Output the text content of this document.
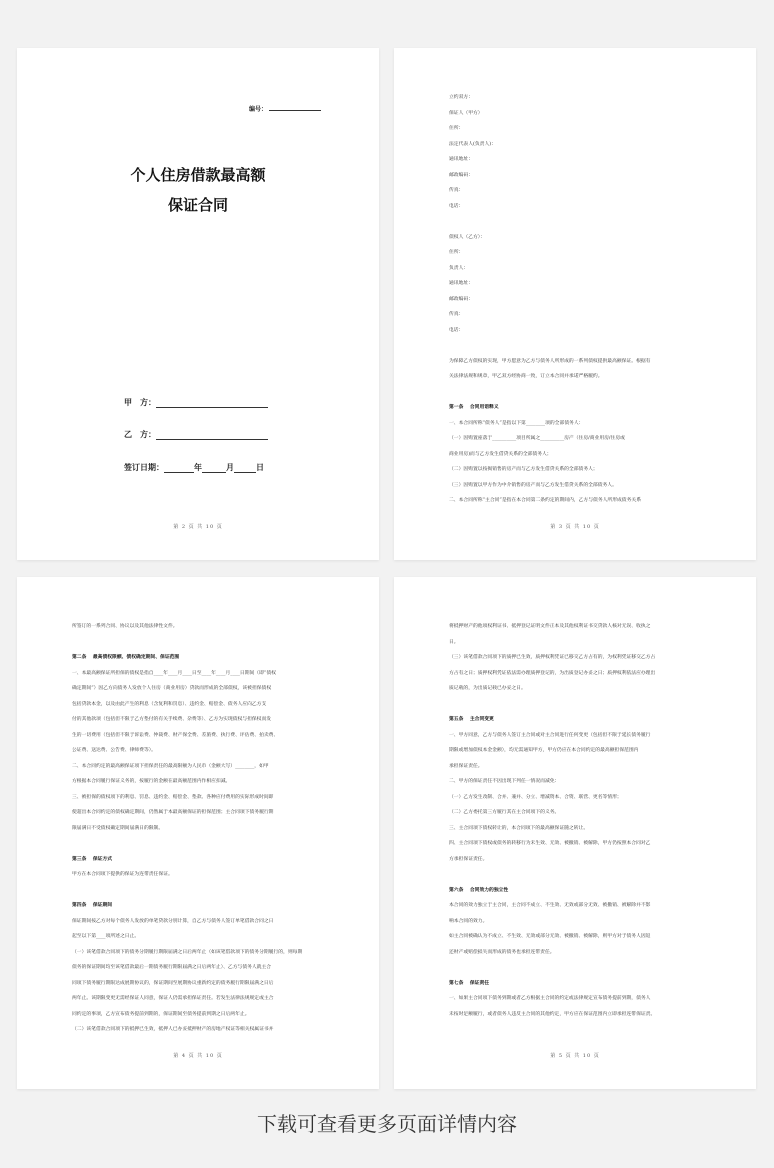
编号：
个人住房借款最高额
保证合同
甲　方：
乙　方：
签订日期：	年	月	日
第 2 页 共 10 页

立约双方：

保证人（甲方）

住所：

法定代表人(负责人)：

通讯地址：

邮政编码：

传真：

电话：

债权人（乙方）：

住所：

负责人：

通讯地址：

邮政编码：

传真：

电话：

为保障乙方债权的实现，甲方愿意为乙方与债务人所形成的一系列债权提供最高额保证。根据有

关法律法规和规章，甲乙双方经协商一致，订立本合同并承诺严格履约。

第一条　 合同用语释义

一、本合同所称“债务人”是指以下第________项的全部债务人：

（一）因购置座落于__________项目所属之__________房产（住房/商业用房/住房或

商业用房)而与乙方发生借贷关系的全部债务人；

（二）因购置以按揭销售的房产而与乙方发生借贷关系的全部债务人；

（三）因购置以甲方作为中介销售的房产而与乙方发生借贷关系的全部债务人。

二、本合同所称“主合同”是指在本合同第二条约定的期间内，乙方与债务人所形成债务关系

第 3 页 共 10 页

所签订的一系列合同、协议以及其他法律性文件。

第二条　 最高债权限额、债权确定期间、保证范围

一、本最高额保证所担保的债权是指自____年____月____日至____年____月____日期间（即“债权

确定期间”）因乙方向债务人发放个人住房（商业用房）贷款而形成的全部债权，该被担保债权

包括贷款本金，以及由此产生的利息（含复利和罚息）、违约金、赔偿金、债务人应向乙方支

付的其他款项（包括但不限于乙方垫付的有关手续费、杂费等）、乙方为实现债权与担保权而发

生的一切费用（包括但不限于诉讼费、仲裁费、财产保全费、差旅费、执行费、评估费、拍卖费、

公证费、送达费、公告费、律师费等）。

二、本合同约定的最高额保证项下担保责任的最高限额为人民币（金额大写）________，如甲

方根据本合同履行保证义务的，按履行的金额在最高额范围内作相应扣减。

三、被担保的债权项下的利息、罚息、违约金、赔偿金、垫款、各种应付费用的实际形成时间即

使超出本合同约定的债权确定期间，仍然属于本最高额保证的担保范围；主合同项下债务履行期

限届满日不受债权确定期间届满日的限制。

第三条　 保证方式

甲方在本合同项下提供的保证为连带责任保证。

第四条　 保证期间

保证期间按乙方对每个债务人发放的单笔贷款分别计算，自乙方与债务人签订单笔借款合同之日

起至以下第____项所述之日止。

（一）该笔借款合同项下的债务分期履行期限届满之日后两年止（如该笔借款项下的债务分期履行的，则每期

债务的保证期间均至该笔借款最后一期债务履行期限届满之日后两年止）、乙方与债务人就主合

同项下债务履行期限达成展期协议的，保证期间至展期协议重新约定的债务履行期限届满之日后

两年止。该期限变更无需经保证人同意，保证人仍需承担保证责任。若发生法律法规规定或主合

同约定的事项，乙方宣布债务提前到期的，保证期间至债务提前到期之日后两年止。

（二）该笔借款合同项下的抵押已生效，抵押人已办妥抵押财产的房地产权证等相关权属证书并

第 4 页 共 10 页

将抵押财产的他项权利证书、抵押登记证明文件正本及其他权利证书交贷款人核对无误、收执之

日。

（三）该笔借款合同项下的质押已生效，质押权利凭证已移交乙方占有的，为权利凭证移交乙方占

方占有之日；质押权利凭证依法需办理质押登记的，为出质登记办妥之日；质押权利依法应办理出

质记载的，为出质记载已办妥之日。

第五条　 主合同变更

一、甲方同意，乙方与债务人签订主合同或对主合同进行任何变更（包括但不限于延长债务履行

期限或增加债权本金金额），均无需通知甲方，甲方仍应在本合同约定的最高额担保范围内

承担保证责任。

二、甲方的保证责任不因出现下列任一情况而减免：

（一）乙方发生改制、合并、兼并、分立、增减资本、合资、联营、更名等情形；

（二）乙方委托第三方履行其在主合同项下的义务。

三、主合同项下债权转让的，本合同项下的最高额保证随之转让。

四、主合同项下债权或债务的转移行为未生效、无效、被撤销、被解除，甲方仍按照本合同对乙

方承担保证责任。

第六条　 合同效力的独立性

本合同的效力独立于主合同，主合同不成立、不生效、无效或部分无效、被撤销、被解除并不影

响本合同的效力。

如主合同被确认为不成立、不生效、无效或部分无效、被撤销、被解除，则甲方对于债务人因返

还财产或赔偿损失而形成的债务也承担连带责任。

第七条　 保证责任

一、如果主合同项下债务到期或者乙方根据主合同的约定或法律规定宣布债务提前到期，债务人

未按时足额履行，或者债务人违反主合同的其他约定，甲方应在保证范围内立即承担连带保证责。

第 5 页 共 10 页
下载可查看更多页面详情内容
